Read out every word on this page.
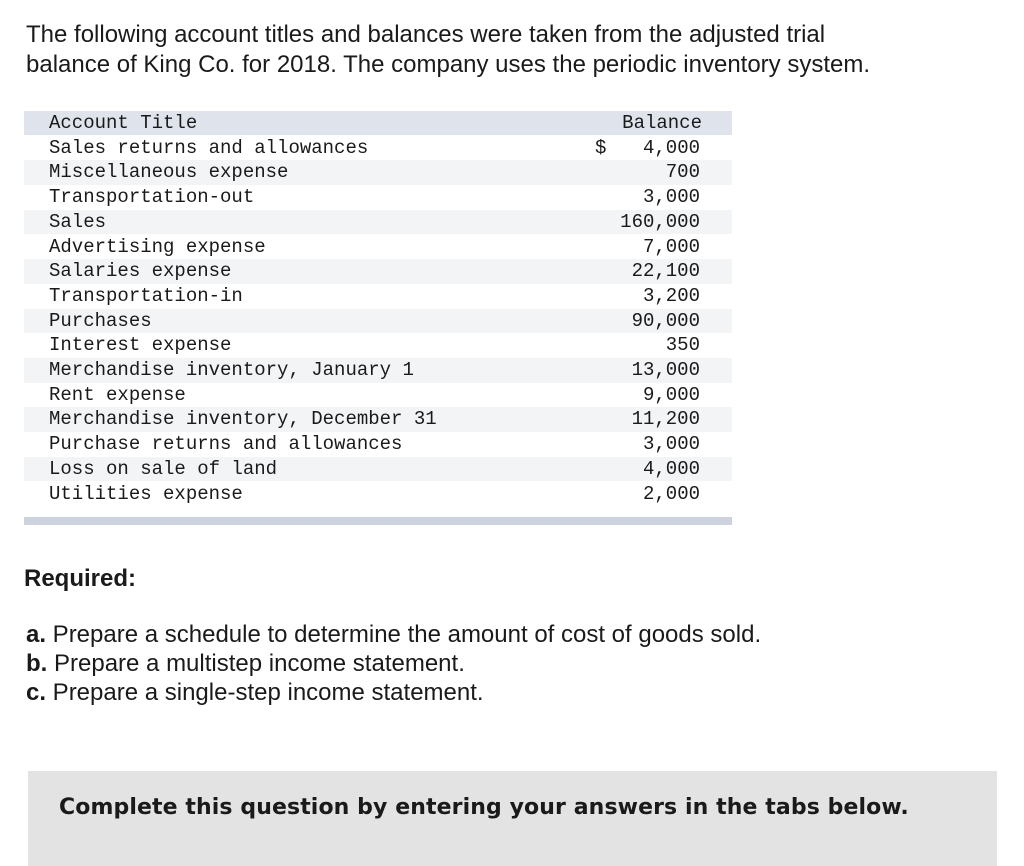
The following account titles and balances were taken from the adjusted trial
balance of King Co. for 2018. The company uses the periodic inventory system.

Account Title	Balance
Sales returns and allowances	$ 4,000
Miscellaneous expense	700
Transportation-out	3,000
Sales	160,000
Advertising expense	7,000
Salaries expense	22,100
Transportation-in	3,200
Purchases	90,000
Interest expense	350
Merchandise inventory, January 1	13,000
Rent expense	9,000
Merchandise inventory, December 31	11,200
Purchase returns and allowances	3,000
Loss on sale of land	4,000
Utilities expense	2,000

Required:

a. Prepare a schedule to determine the amount of cost of goods sold.
b. Prepare a multistep income statement.
c. Prepare a single-step income statement.
Complete this question by entering your answers in the tabs below.
